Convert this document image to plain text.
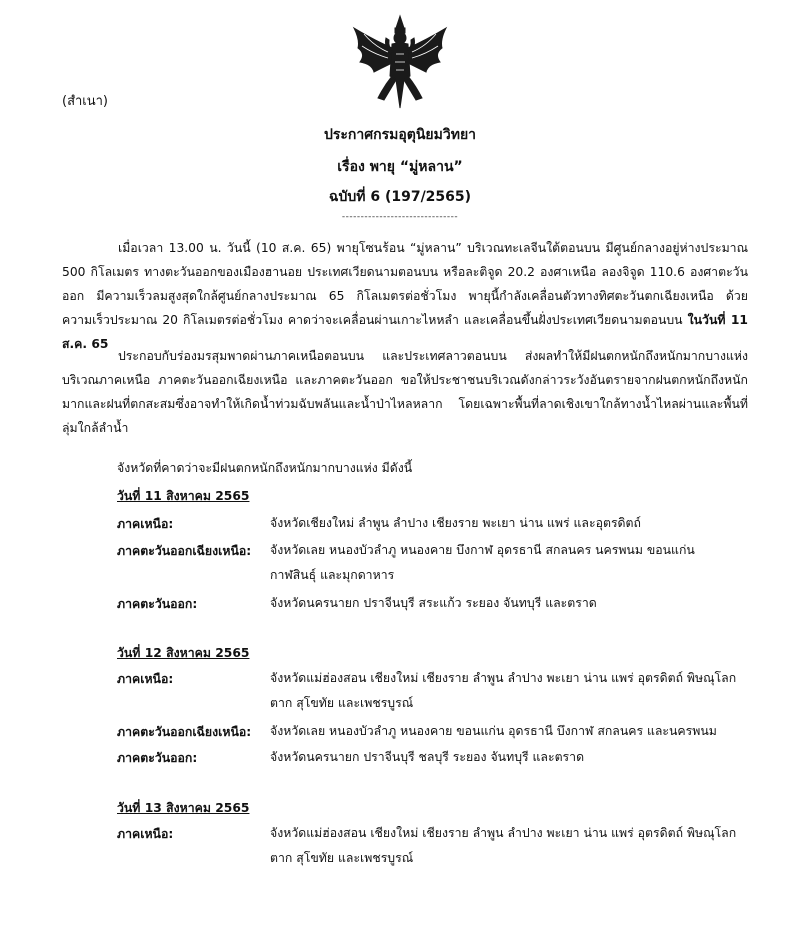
(สำเนา)
ประกาศกรมอุตุนิยมวิทยา
เรื่อง พายุ “มู่หลาน”
ฉบับที่ 6 (197/2565)
-------------------------------
เมื่อเวลา 13.00 น. วันนี้ (10 ส.ค. 65) พายุโซนร้อน “มู่หลาน” บริเวณทะเลจีนใต้ตอนบน มีศูนย์กลางอยู่ห่างประมาณ 500 กิโลเมตร ทางตะวันออกของเมืองฮานอย ประเทศเวียดนามตอนบน หรือละติจูด 20.2 องศาเหนือ ลองจิจูด 110.6 องศาตะวันออก มีความเร็วลมสูงสุดใกล้ศูนย์กลางประมาณ 65 กิโลเมตรต่อชั่วโมง พายุนี้กำลังเคลื่อนตัวทางทิศตะวันตกเฉียงเหนือ ด้วยความเร็วประมาณ 20 กิโลเมตรต่อชั่วโมง คาดว่าจะเคลื่อนผ่านเกาะไหหลำ และเคลื่อนขึ้นฝั่งประเทศเวียดนามตอนบน ในวันที่ 11 ส.ค. 65
ประกอบกับร่องมรสุมพาดผ่านภาคเหนือตอนบน และประเทศลาวตอนบน ส่งผลทำให้มีฝนตกหนักถึงหนักมากบางแห่งบริเวณภาคเหนือ ภาคตะวันออกเฉียงเหนือ และภาคตะวันออก ขอให้ประชาชนบริเวณดังกล่าวระวังอันตรายจากฝนตกหนักถึงหนักมากและฝนที่ตกสะสมซึ่งอาจทำให้เกิดน้ำท่วมฉับพลันและน้ำป่าไหลหลาก โดยเฉพาะพื้นที่ลาดเชิงเขาใกล้ทางน้ำไหลผ่านและพื้นที่ลุ่มใกล้ลำน้ำ
จังหวัดที่คาดว่าจะมีฝนตกหนักถึงหนักมากบางแห่ง มีดังนี้
วันที่ 11 สิงหาคม 2565
ภาคเหนือ:	จังหวัดเชียงใหม่ ลำพูน ลำปาง เชียงราย พะเยา น่าน แพร่ และอุตรดิตถ์
ภาคตะวันออกเฉียงเหนือ:	จังหวัดเลย หนองบัวลำภู หนองคาย บึงกาฬ อุดรธานี สกลนคร นครพนม ขอนแก่น กาฬสินธุ์ และมุกดาหาร
ภาคตะวันออก:	จังหวัดนครนายก ปราจีนบุรี สระแก้ว ระยอง จันทบุรี และตราด
วันที่ 12 สิงหาคม 2565
ภาคเหนือ:	จังหวัดแม่ฮ่องสอน เชียงใหม่ เชียงราย ลำพูน ลำปาง พะเยา น่าน แพร่ อุตรดิตถ์ พิษณุโลก ตาก สุโขทัย และเพชรบูรณ์
ภาคตะวันออกเฉียงเหนือ:	จังหวัดเลย หนองบัวลำภู หนองคาย ขอนแก่น อุดรธานี บึงกาฬ สกลนคร และนครพนม
ภาคตะวันออก:	จังหวัดนครนายก ปราจีนบุรี ชลบุรี ระยอง จันทบุรี และตราด
วันที่ 13 สิงหาคม 2565
ภาคเหนือ:	จังหวัดแม่ฮ่องสอน เชียงใหม่ เชียงราย ลำพูน ลำปาง พะเยา น่าน แพร่ อุตรดิตถ์ พิษณุโลก ตาก สุโขทัย และเพชรบูรณ์
